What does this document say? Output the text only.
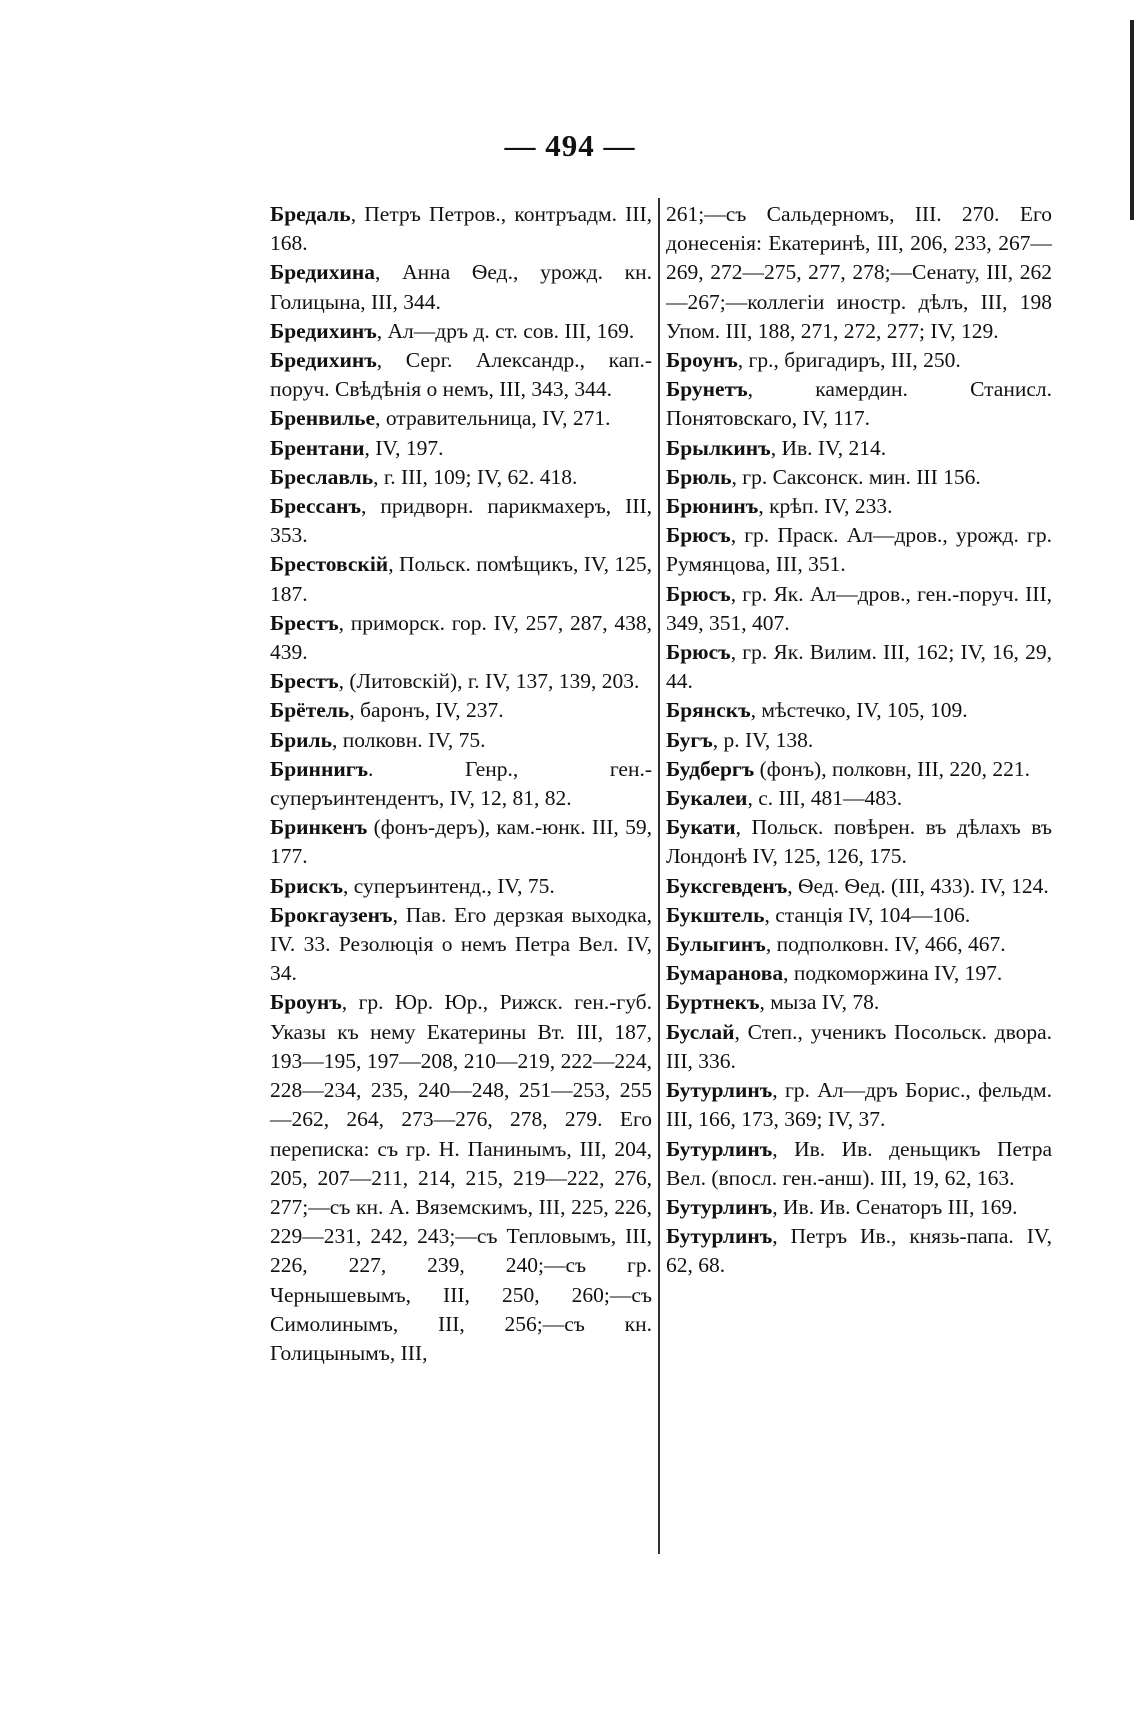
— 494 —

Бредаль, Петръ Петров., контръадм. III, 168.

Бредихина, Анна Ѳед., урожд. кн. Голицына, III, 344.

Бредихинъ, Ал—дръ д. ст. сов. III, 169.

Бредихинъ, Серг. Александр., кап.-поруч. Свѣдѣнія о немъ, III, 343, 344.

Бренвилье, отравительница, IV, 271.

Брентани, IV, 197.

Бреславль, г. III, 109; IV, 62. 418.

Брессанъ, придворн. парикмахеръ, III, 353.

Брестовскій, Польск. помѣщикъ, IV, 125, 187.

Брестъ, приморск. гор. IV, 257, 287, 438, 439.

Брестъ, (Литовскій), г. IV, 137, 139, 203.

Брётель, баронъ, IV, 237.

Бриль, полковн. IV, 75.

Бриннигъ. Генр., ген.-суперъинтендентъ, IV, 12, 81, 82.

Бринкенъ (фонъ-деръ), кам.-юнк. III, 59, 177.

Брискъ, суперъинтенд., IV, 75.

Брокгаузенъ, Пав. Его дерзкая выходка, IV. 33. Резолюція о немъ Петра Вел. IV, 34.

Броунъ, гр. Юр. Юр., Рижск. ген.-губ. Указы къ нему Екатерины Вт. III, 187, 193—195, 197—208, 210—219, 222—224, 228—234, 235, 240—248, 251—253, 255—262, 264, 273—276, 278, 279. Его переписка: съ гр. Н. Панинымъ, III, 204, 205, 207—211, 214, 215, 219—222, 276, 277;—съ кн. А. Вяземскимъ, III, 225, 226, 229—231, 242, 243;—съ Тепловымъ, III, 226, 227, 239, 240;—съ гр. Чернышевымъ, III, 250, 260;—съ Симолинымъ, III, 256;—съ кн. Голицынымъ, III,

261;—съ Сальдерномъ, III. 270. Его донесенія: Екатеринѣ, III, 206, 233, 267—269, 272—275, 277, 278;—Сенату, III, 262—267;—коллегіи иностр. дѣлъ, III, 198 Упом. III, 188, 271, 272, 277; IV, 129.

Броунъ, гр., бригадиръ, III, 250.

Брунетъ, камердин. Станисл. Понятовскаго, IV, 117.

Брылкинъ, Ив. IV, 214.

Брюль, гр. Саксонск. мин. III 156.

Брюнинъ, крѣп. IV, 233.

Брюсъ, гр. Праск. Ал—дров., урожд. гр. Румянцова, III, 351.

Брюсъ, гр. Як. Ал—дров., ген.-поруч. III, 349, 351, 407.

Брюсъ, гр. Як. Вилим. III, 162; IV, 16, 29, 44.

Брянскъ, мѣстечко, IV, 105, 109.

Бугъ, р. IV, 138.

Будбергъ (фонъ), полковн, III, 220, 221.

Букалеи, с. III, 481—483.

Букати, Польск. повѣрен. въ дѣлахъ въ Лондонѣ IV, 125, 126, 175.

Буксгевденъ, Ѳед. Ѳед. (III, 433). IV, 124.

Букштель, станція IV, 104—106.

Булыгинъ, подполковн. IV, 466, 467.

Бумаранова, подкоморжина IV, 197.

Буртнекъ, мыза IV, 78.

Буслай, Степ., ученикъ Посольск. двора. III, 336.

Бутурлинъ, гр. Ал—дръ Борис., фельдм. III, 166, 173, 369; IV, 37.

Бутурлинъ, Ив. Ив. деньщикъ Петра Вел. (впосл. ген.-анш). III, 19, 62, 163.

Бутурлинъ, Ив. Ив. Сенаторъ III, 169.

Бутурлинъ, Петръ Ив., князь-папа. IV, 62, 68.
